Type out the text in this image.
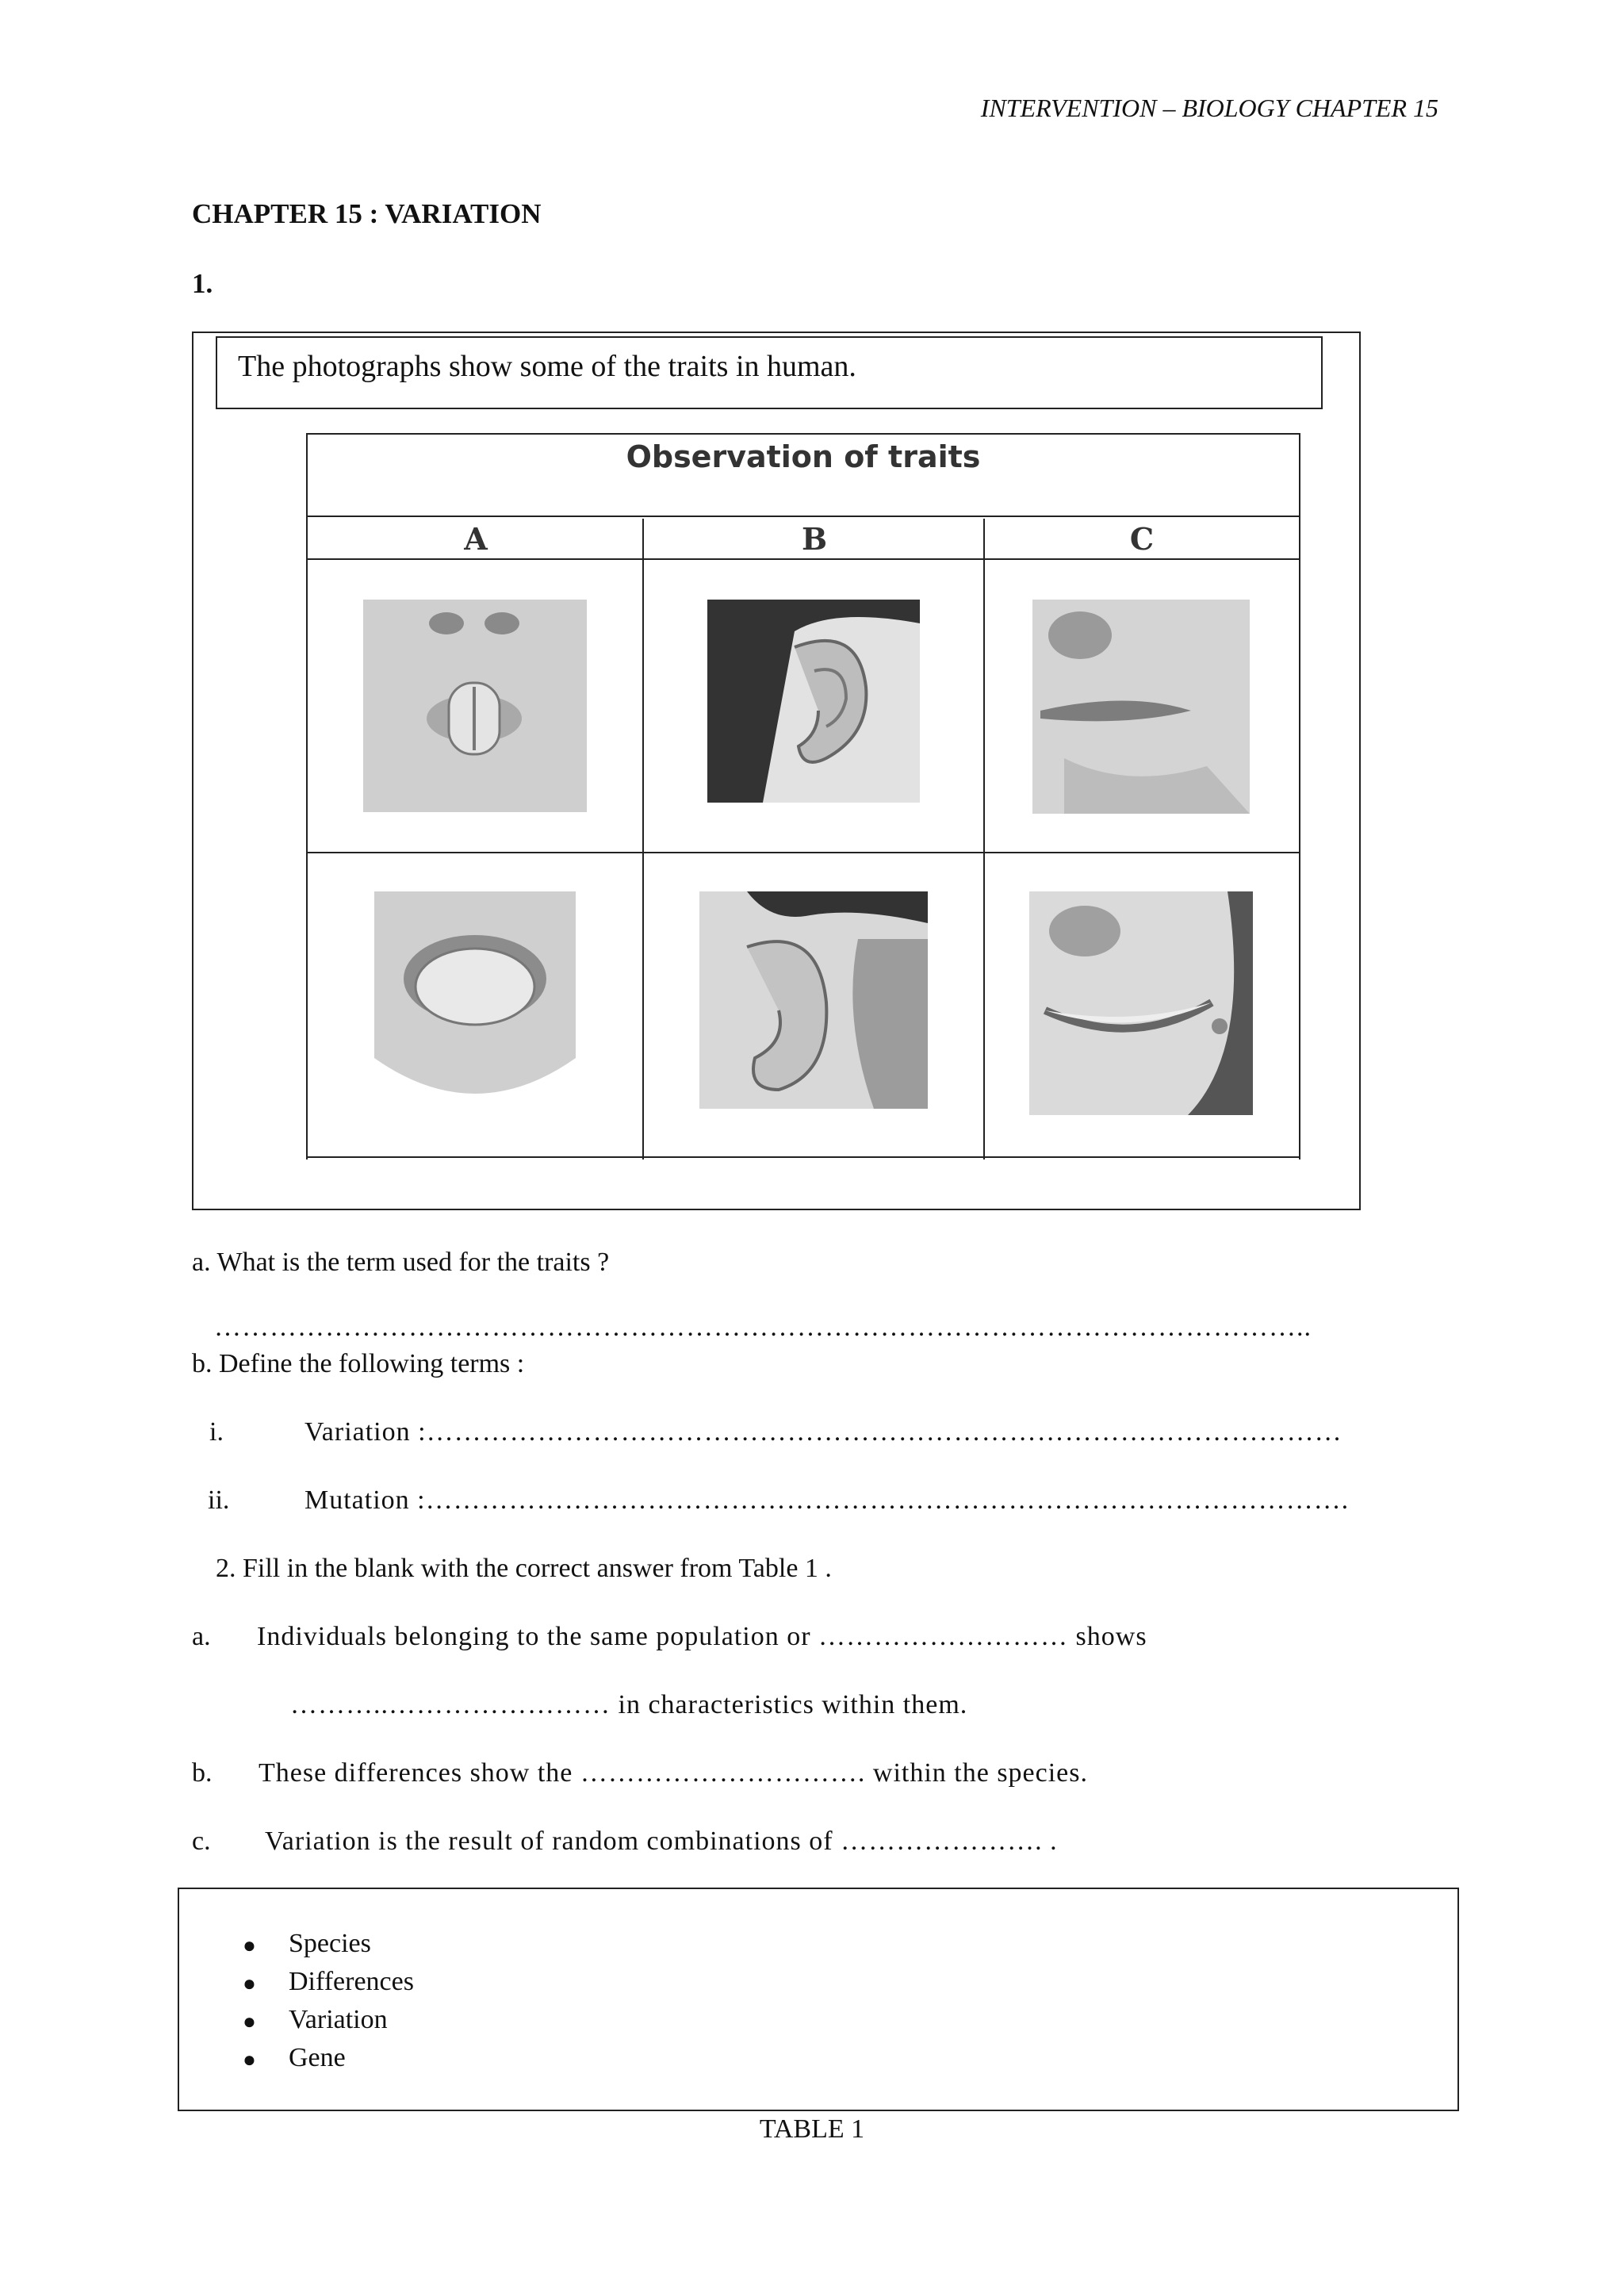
INTERVENTION – BIOLOGY CHAPTER 15
CHAPTER 15 : VARIATION
1.
The photographs show some of the traits in human.
Observation of traits
A	B	C
a. What is the term used for the traits ?
………………………………………………………………………………………………………..
b. Define the following terms :
i.	Variation :………………………………………………………………………………………
ii.	Mutation :……………………………………………………………………………………….
2. Fill in the blank with the correct answer from Table 1 .
a. Individuals belonging to the same population or ……………………… shows
………..…………………… in characteristics within them.
b. These differences show the …………………………. within the species.
c. Variation is the result of random combinations of …………………. .
● Species
● Differences
● Variation
● Gene
TABLE 1
